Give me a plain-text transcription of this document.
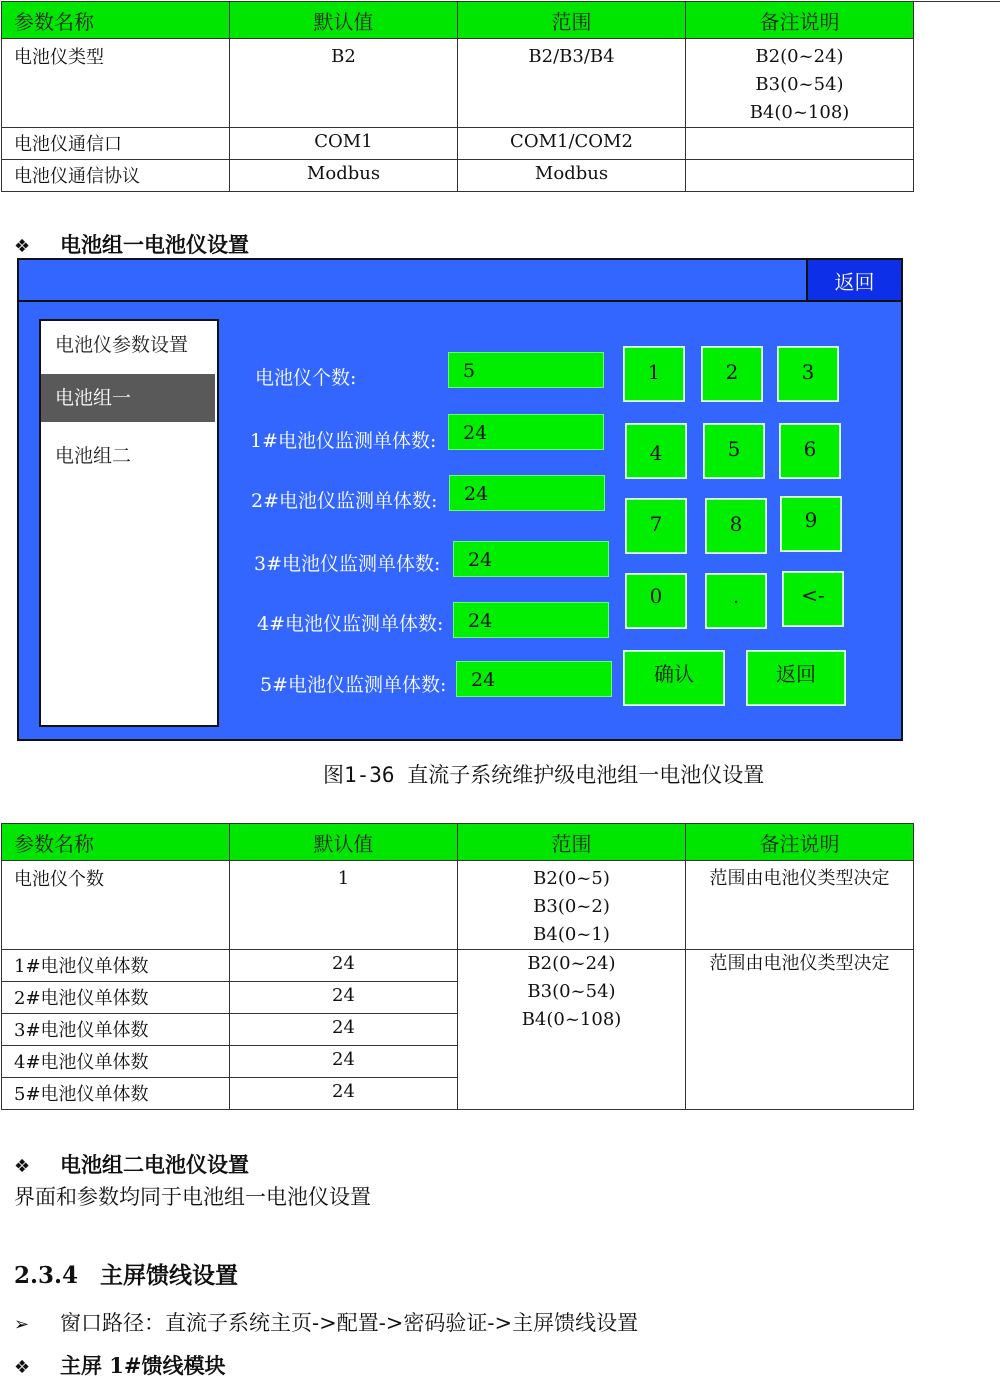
参数名称	默认值	范围	备注说明
电池仪类型	B2	B2/B3/B4	B2(0~24)
B3(0~54)
B4(0~108)

电池仪通信口	COM1	COM1/COM2	

电池仪通信协议	Modbus	Modbus	

❖ 电池组一电池仪设置
返回
电池仪参数设置
电池组一
电池组二
电池仪个数:	5
1#电池仪监测单体数:	24
2#电池仪监测单体数:	24
3#电池仪监测单体数:	24
4#电池仪监测单体数:	24
5#电池仪监测单体数:	24
1	2	3
4	5	6
7	8	9
0	.	<-
确认	返回
图1-36 直流子系统维护级电池组一电池仪设置
参数名称	默认值	范围	备注说明
电池仪个数	1	B2(0~5)
B3(0~2)
B4(0~1)	范围由电池仪类型决定
1#电池仪单体数	24	B2(0~24)
B3(0~54)
B4(0~108)	范围由电池仪类型决定
2#电池仪单体数	24		
3#电池仪单体数	24		
4#电池仪单体数	24		
5#电池仪单体数	24		
❖ 电池组二电池仪设置
界面和参数均同于电池组一电池仪设置
2.3.4 主屏馈线设置
➢ 窗口路径：直流子系统主页->配置->密码验证->主屏馈线设置
❖ 主屏 1#馈线模块
